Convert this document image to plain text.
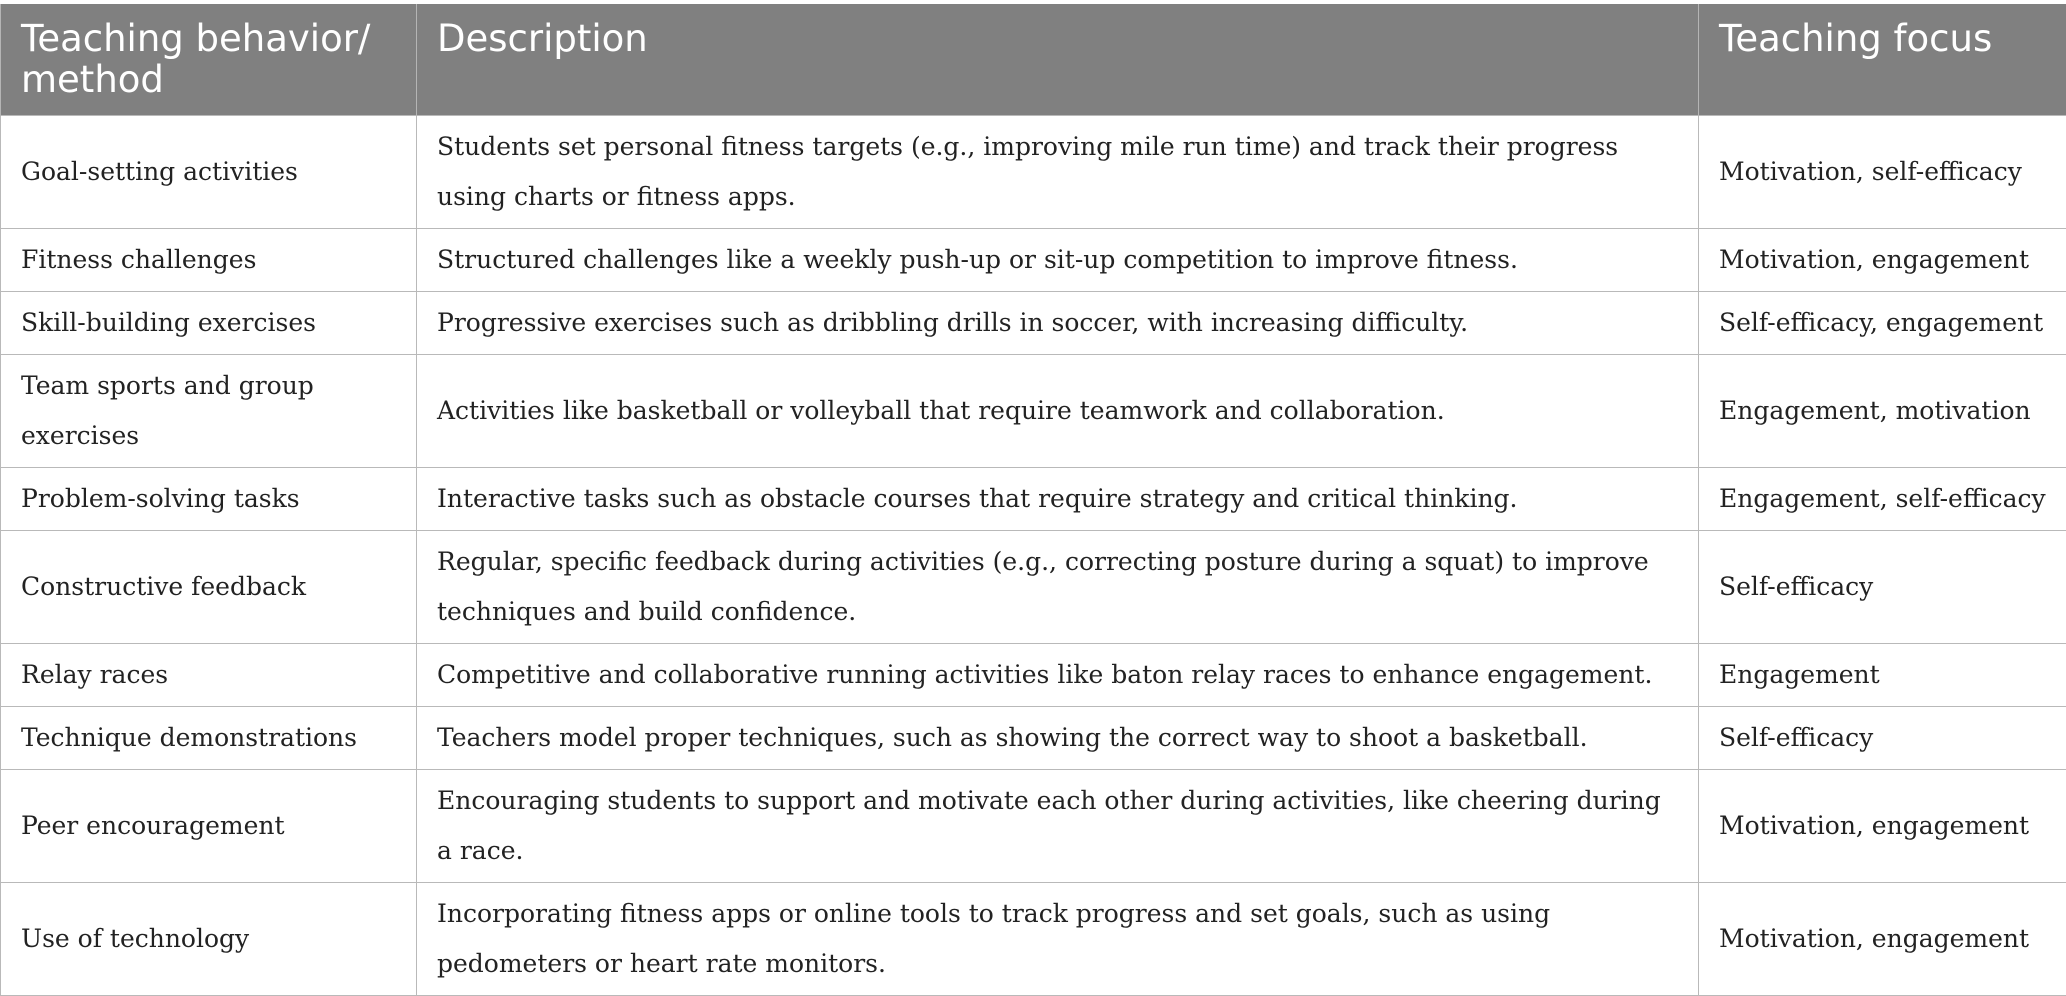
Teaching behavior/ method	Description	Teaching focus
Goal-setting activities	Students set personal fitness targets (e.g., improving mile run time) and track their progress using charts or fitness apps.	Motivation, self-efficacy
Fitness challenges	Structured challenges like a weekly push-up or sit-up competition to improve fitness.	Motivation, engagement
Skill-building exercises	Progressive exercises such as dribbling drills in soccer, with increasing difficulty.	Self-efficacy, engagement
Team sports and group exercises	Activities like basketball or volleyball that require teamwork and collaboration.	Engagement, motivation
Problem-solving tasks	Interactive tasks such as obstacle courses that require strategy and critical thinking.	Engagement, self-efficacy
Constructive feedback	Regular, specific feedback during activities (e.g., correcting posture during a squat) to improve techniques and build confidence.	Self-efficacy
Relay races	Competitive and collaborative running activities like baton relay races to enhance engagement.	Engagement
Technique demonstrations	Teachers model proper techniques, such as showing the correct way to shoot a basketball.	Self-efficacy
Peer encouragement	Encouraging students to support and motivate each other during activities, like cheering during a race.	Motivation, engagement
Use of technology	Incorporating fitness apps or online tools to track progress and set goals, such as using pedometers or heart rate monitors.	Motivation, engagement
